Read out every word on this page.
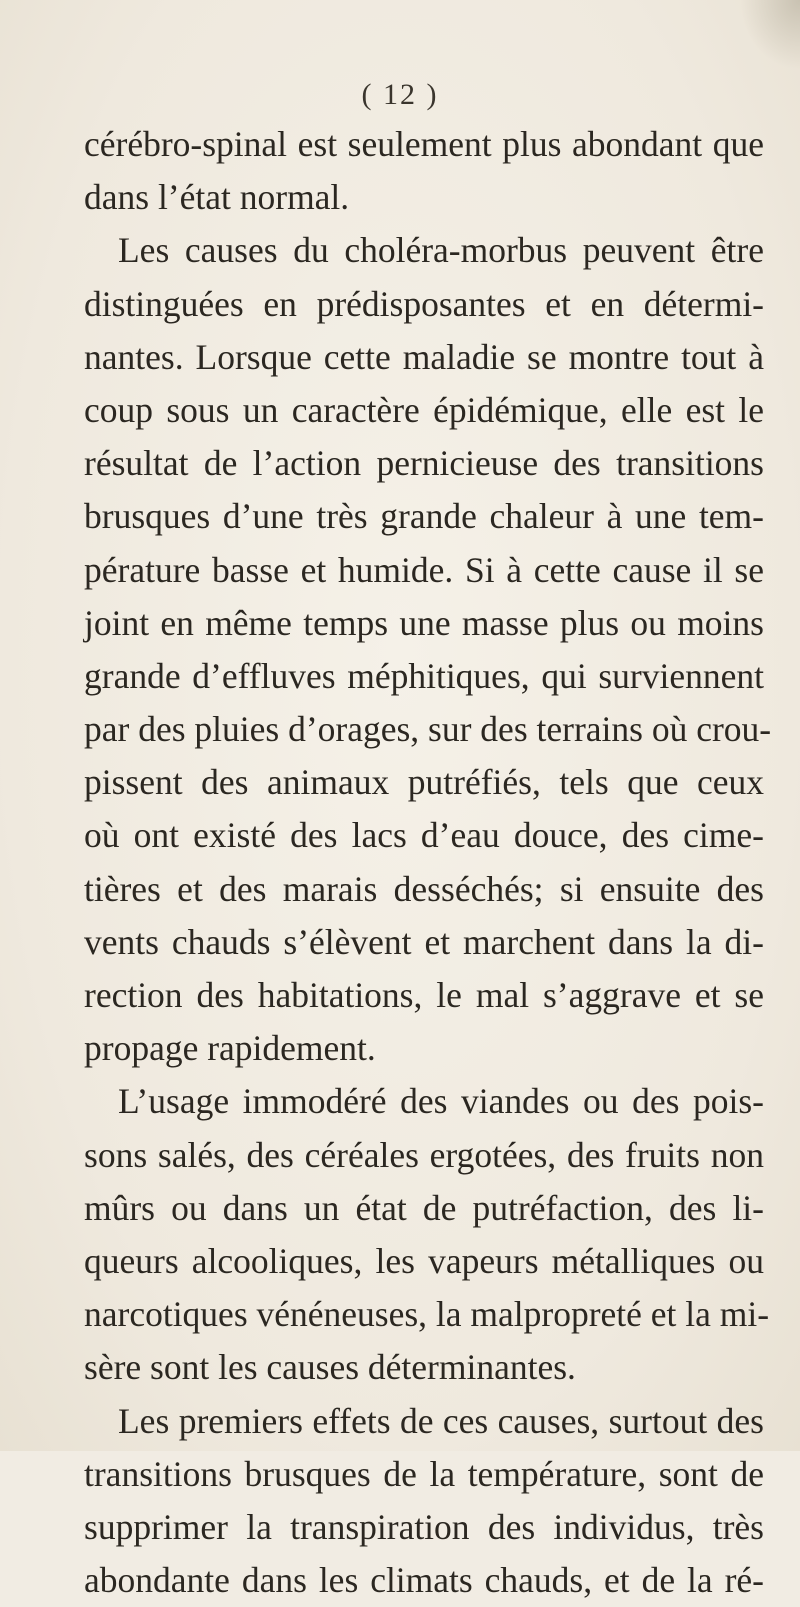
( 12 )
cérébro-spinal est seulement plus abondant que
dans l’état normal.
Les causes du choléra-morbus peuvent être
distinguées en prédisposantes et en détermi-
nantes. Lorsque cette maladie se montre tout à
coup sous un caractère épidémique, elle est le
résultat de l’action pernicieuse des transitions
brusques d’une très grande chaleur à une tem-
pérature basse et humide. Si à cette cause il se
joint en même temps une masse plus ou moins
grande d’effluves méphitiques, qui surviennent
par des pluies d’orages, sur des terrains où crou-
pissent des animaux putréfiés, tels que ceux
où ont existé des lacs d’eau douce, des cime-
tières et des marais desséchés; si ensuite des
vents chauds s’élèvent et marchent dans la di-
rection des habitations, le mal s’aggrave et se
propage rapidement.
L’usage immodéré des viandes ou des pois-
sons salés, des céréales ergotées, des fruits non
mûrs ou dans un état de putréfaction, des li-
queurs alcooliques, les vapeurs métalliques ou
narcotiques vénéneuses, la malpropreté et la mi-
sère sont les causes déterminantes.
Les premiers effets de ces causes, surtout des
transitions brusques de la température, sont de
supprimer la transpiration des individus, très
abondante dans les climats chauds, et de la ré-
